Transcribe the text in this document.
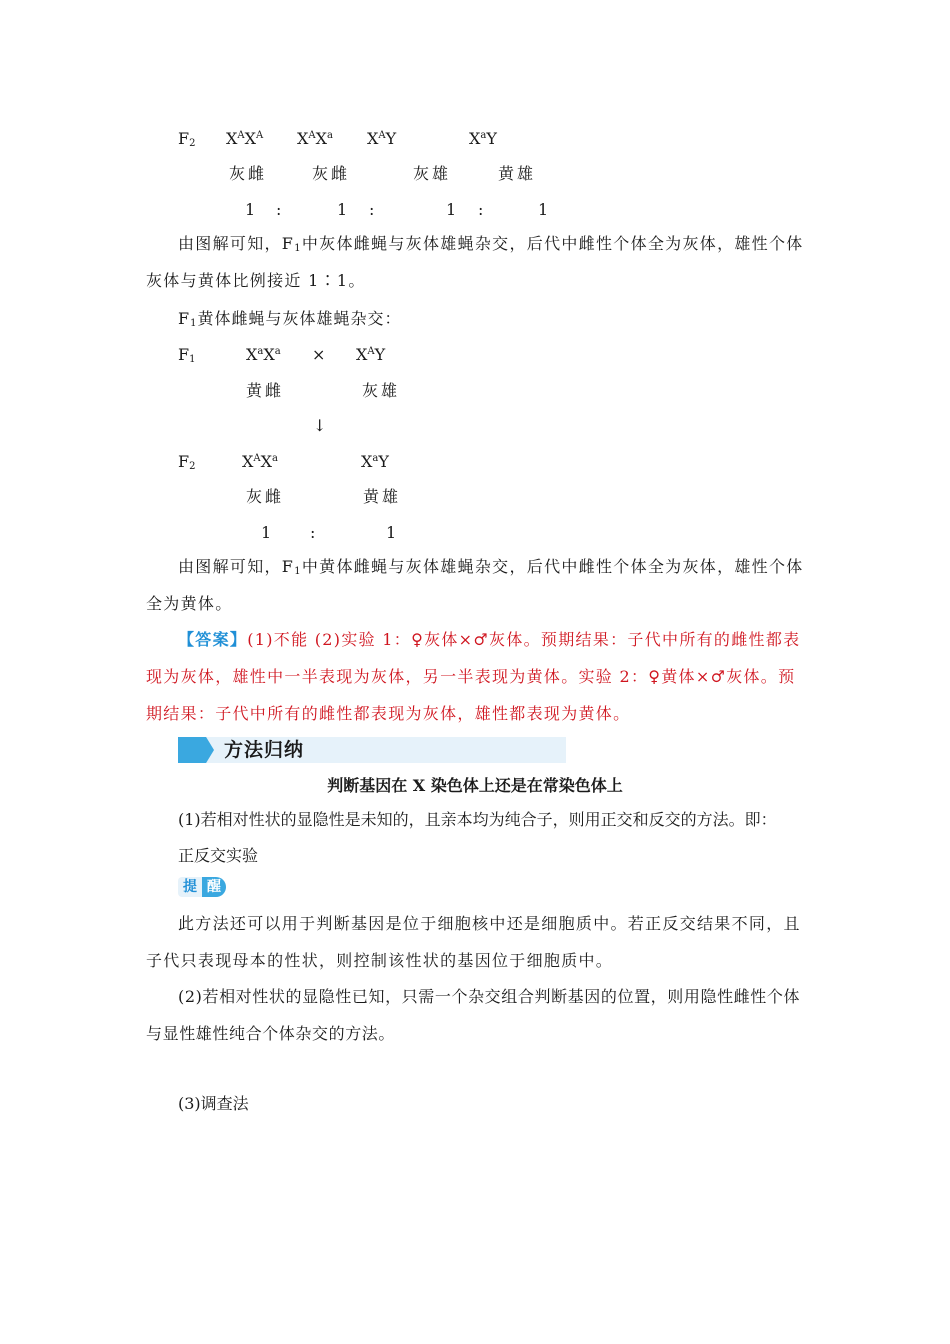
$F_2$ $X^AX^A$ $X^AX^a$ $X^AY$	$X^aY$
灰雌	灰雌	灰雄	黄雄
1 :	1 :	1 :	1
由图解可知，$F_1$中灰体雌蝇与灰体雄蝇杂交，后代中雌性个体全为灰体，雄性个体灰体与黄体比例接近 1∶1。
$F_1$黄体雌蝇与灰体雄蝇杂交：
$F_1$	$X^aX^a \times X^AY$
黄雌	灰雄
↓
$F_2$	$X^AX^a$	$X^aY$
灰雌	黄雄
1 :	1
由图解可知，$F_1$中黄体雌蝇与灰体雄蝇杂交，后代中雌性个体全为灰体，雄性个体全为黄体。
【答案】(1)不能 (2)实验 1：♀灰体×♂灰体。预期结果：子代中所有的雌性都表现为灰体，雄性中一半表现为灰体，另一半表现为黄体。实验 2：♀黄体×♂灰体。预期结果：子代中所有的雌性都表现为灰体，雄性都表现为黄体。
方法归纳
判断基因在 X 染色体上还是在常染色体上
(1)若相对性状的显隐性是未知的，且亲本均为纯合子，则用正交和反交的方法。即：
正反交实验
提 醒
此方法还可以用于判断基因是位于细胞核中还是细胞质中。若正反交结果不同，且子代只表现母本的性状，则控制该性状的基因位于细胞质中。
(2)若相对性状的显隐性已知，只需一个杂交组合判断基因的位置，则用隐性雌性个体与显性雄性纯合个体杂交的方法。
(3)调查法
